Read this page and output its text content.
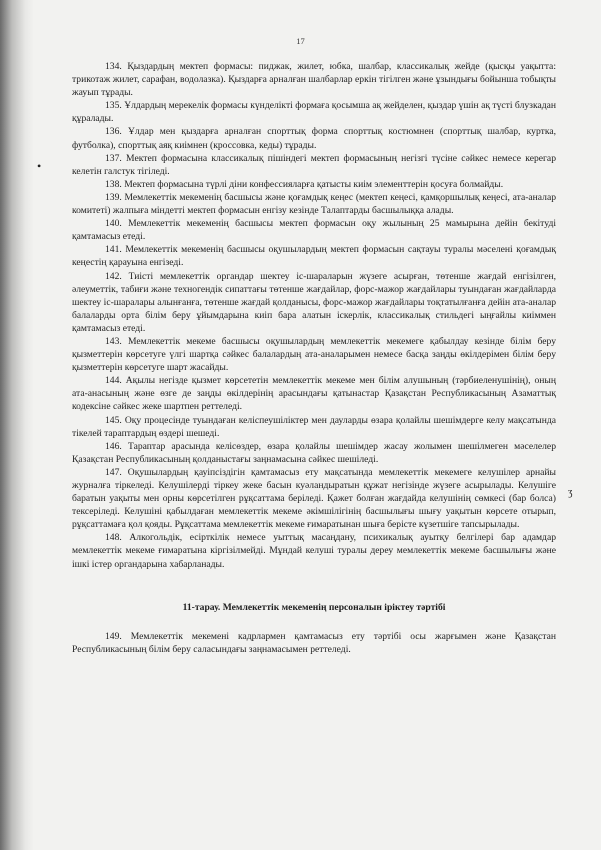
17
•
ʒ

134. Қыздардың мектеп формасы: пиджак, жилет, юбка, шалбар, классикалық жейде (қысқы уақытта: трикотаж жилет, сарафан, водолазка). Қыздарға арналған шалбарлар еркін тігілген және ұзындығы бойынша тобықты жауып тұрады.

135. Ұлдардың мерекелік формасы күнделікті формаға қосымша ақ жейделен, қыздар үшін ақ түсті блузкадан құралады.

136. Ұлдар мен қыздарға арналған спорттық форма спорттық костюмнен (спорттық шалбар, куртка, футболка), спорттық аяқ киімнен (кроссовка, кеды) тұрады.

137. Мектеп формасына классикалық пішіндегі мектеп формасының негізгі түсіне сәйкес немесе керегар келетін галстук тігіледі.

138. Мектеп формасына түрлі діни конфессияларға қатысты киім элементтерін қосуға болмайды.

139. Мемлекеттік мекеменің басшысы және қоғамдық кеңес (мектеп кеңесі, қамқоршылық кеңесі, ата-аналар комитеті) жалпыға міндетті мектеп формасын енгізу кезінде Талаптарды басшылыққа алады.

140. Мемлекеттік мекеменің басшысы мектеп формасын оқу жылының 25 мамырына дейін бекітуді қамтамасыз етеді.

141. Мемлекеттік мекеменің басшысы оқушылардың мектеп формасын сақтауы туралы мәселені қоғамдық кеңестің қарауына енгізеді.

142. Тиісті мемлекеттік органдар шектеу іс-шараларын жүзеге асырған, төтенше жағдай енгізілген, әлеуметтік, табиғи және техногендік сипаттағы төтенше жағдайлар, форс-мажор жағдайлары туындаған жағдайларда шектеу іс-шаралары алынғанға, төтенше жағдай қолданысы, форс-мажор жағдайлары тоқтатылғанға дейін ата-аналар балаларды орта білім беру ұйымдарына киіп бара алатын іскерлік, классикалық стильдегі ыңғайлы киіммен қамтамасыз етеді.

143. Мемлекеттік мекеме басшысы оқушылардың мемлекеттік мекемеге қабылдау кезінде білім беру қызметтерін көрсетуге үлгі шартқа сәйкес балалардың ата-аналарымен немесе басқа заңды өкілдерімен білім беру қызметтерін көрсетуге шарт жасайды.

144. Ақылы негізде қызмет көрсететін мемлекеттік мекеме мен білім алушының (тәрбиеленушінің), оның ата-анасының және өзге де заңды өкілдерінің арасындағы қатынастар Қазақстан Республикасының Азаматтық кодексіне сәйкес жеке шартпен реттеледі.

145. Оқу процесінде туындаған келіспеушіліктер мен дауларды өзара қолайлы шешімдерге келу мақсатында тікелей тараптардың өздері шешеді.

146. Тараптар арасында келісөздер, өзара қолайлы шешімдер жасау жолымен шешілмеген мәселелер Қазақстан Республикасының қолданыстағы заңнамасына сәйкес шешіледі.

147. Оқушылардың қауіпсіздігін қамтамасыз ету мақсатында мемлекеттік мекемеге келушілер арнайы журналға тіркеледі. Келушілерді тіркеу жеке басын куәландыратын құжат негізінде жүзеге асырылады. Келушіге баратын уақыты мен орны көрсетілген рұқсаттама беріледі. Қажет болған жағдайда келушінің сөмкесі (бар болса) тексеріледі. Келушіні қабылдаған мемлекеттік мекеме әкімшілігінің басшылығы шығу уақытын көрсете отырып, рұқсаттамаға қол қояды. Рұқсаттама мемлекеттік мекеме ғимаратынан шыға берісте күзетшіге тапсырылады.

148. Алкогольдік, есірткілік немесе уыттық масаңдану, психикалық ауытқу белгілері бар адамдар мемлекеттік мекеме ғимаратына кіргізілмейді. Мұндай келуші туралы дереу мемлекеттік мекеме басшылығы және ішкі істер органдарына хабарланады.

11-тарау. Мемлекеттік мекеменің персоналын іріктеу тәртібі

149. Мемлекеттік мекемені кадрлармен қамтамасыз ету тәртібі осы жарғымен және Қазақстан Республикасының білім беру саласындағы заңнамасымен реттеледі.
